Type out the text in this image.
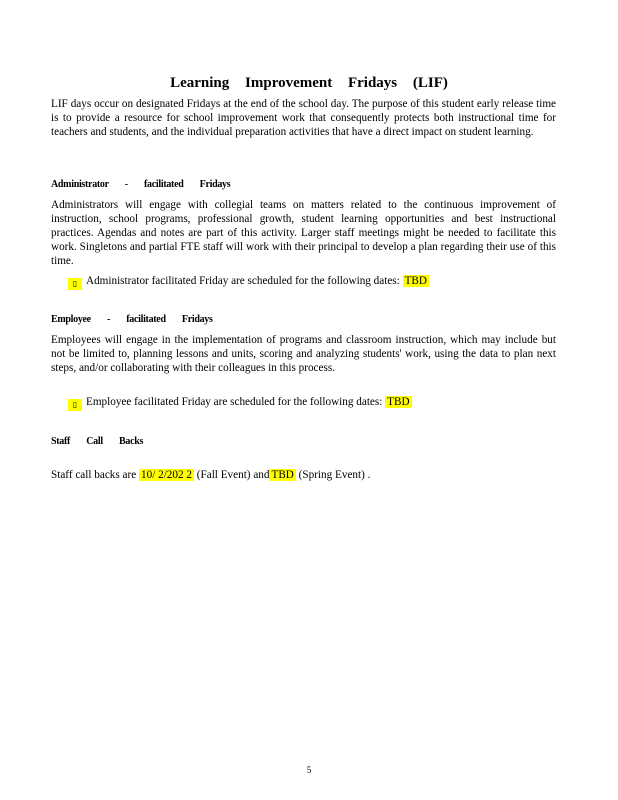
Learning Improvement Fridays (LIF)
LIF days occur on designated Fridays at the end of the school day. The purpose of this student early release time is to provide a resource for school improvement work that consequently protects both instructional time for teachers and students, and the individual preparation activities that have a direct impact on student learning.
Administrator - facilitated Fridays
Administrators will engage with collegial teams on matters related to the continuous improvement of instruction, school programs, professional growth, student learning opportunities and best instructional practices. Agendas and notes are part of this activity. Larger staff meetings might be needed to facilitate this work. Singletons and partial FTE staff will work with their principal to develop a plan regarding their use of this time.
▯ Administrator facilitated Friday are scheduled for the following dates: TBD
Employee - facilitated Fridays
Employees will engage in the implementation of programs and classroom instruction, which may include but not be limited to, planning lessons and units, scoring and analyzing students' work, using the data to plan next steps, and/or collaborating with their colleagues in this process.
▯ Employee facilitated Friday are scheduled for the following dates: TBD
Staff Call Backs
Staff call backs are 10/ 2/202 2 (Fall Event) and TBD (Spring Event) .
5
